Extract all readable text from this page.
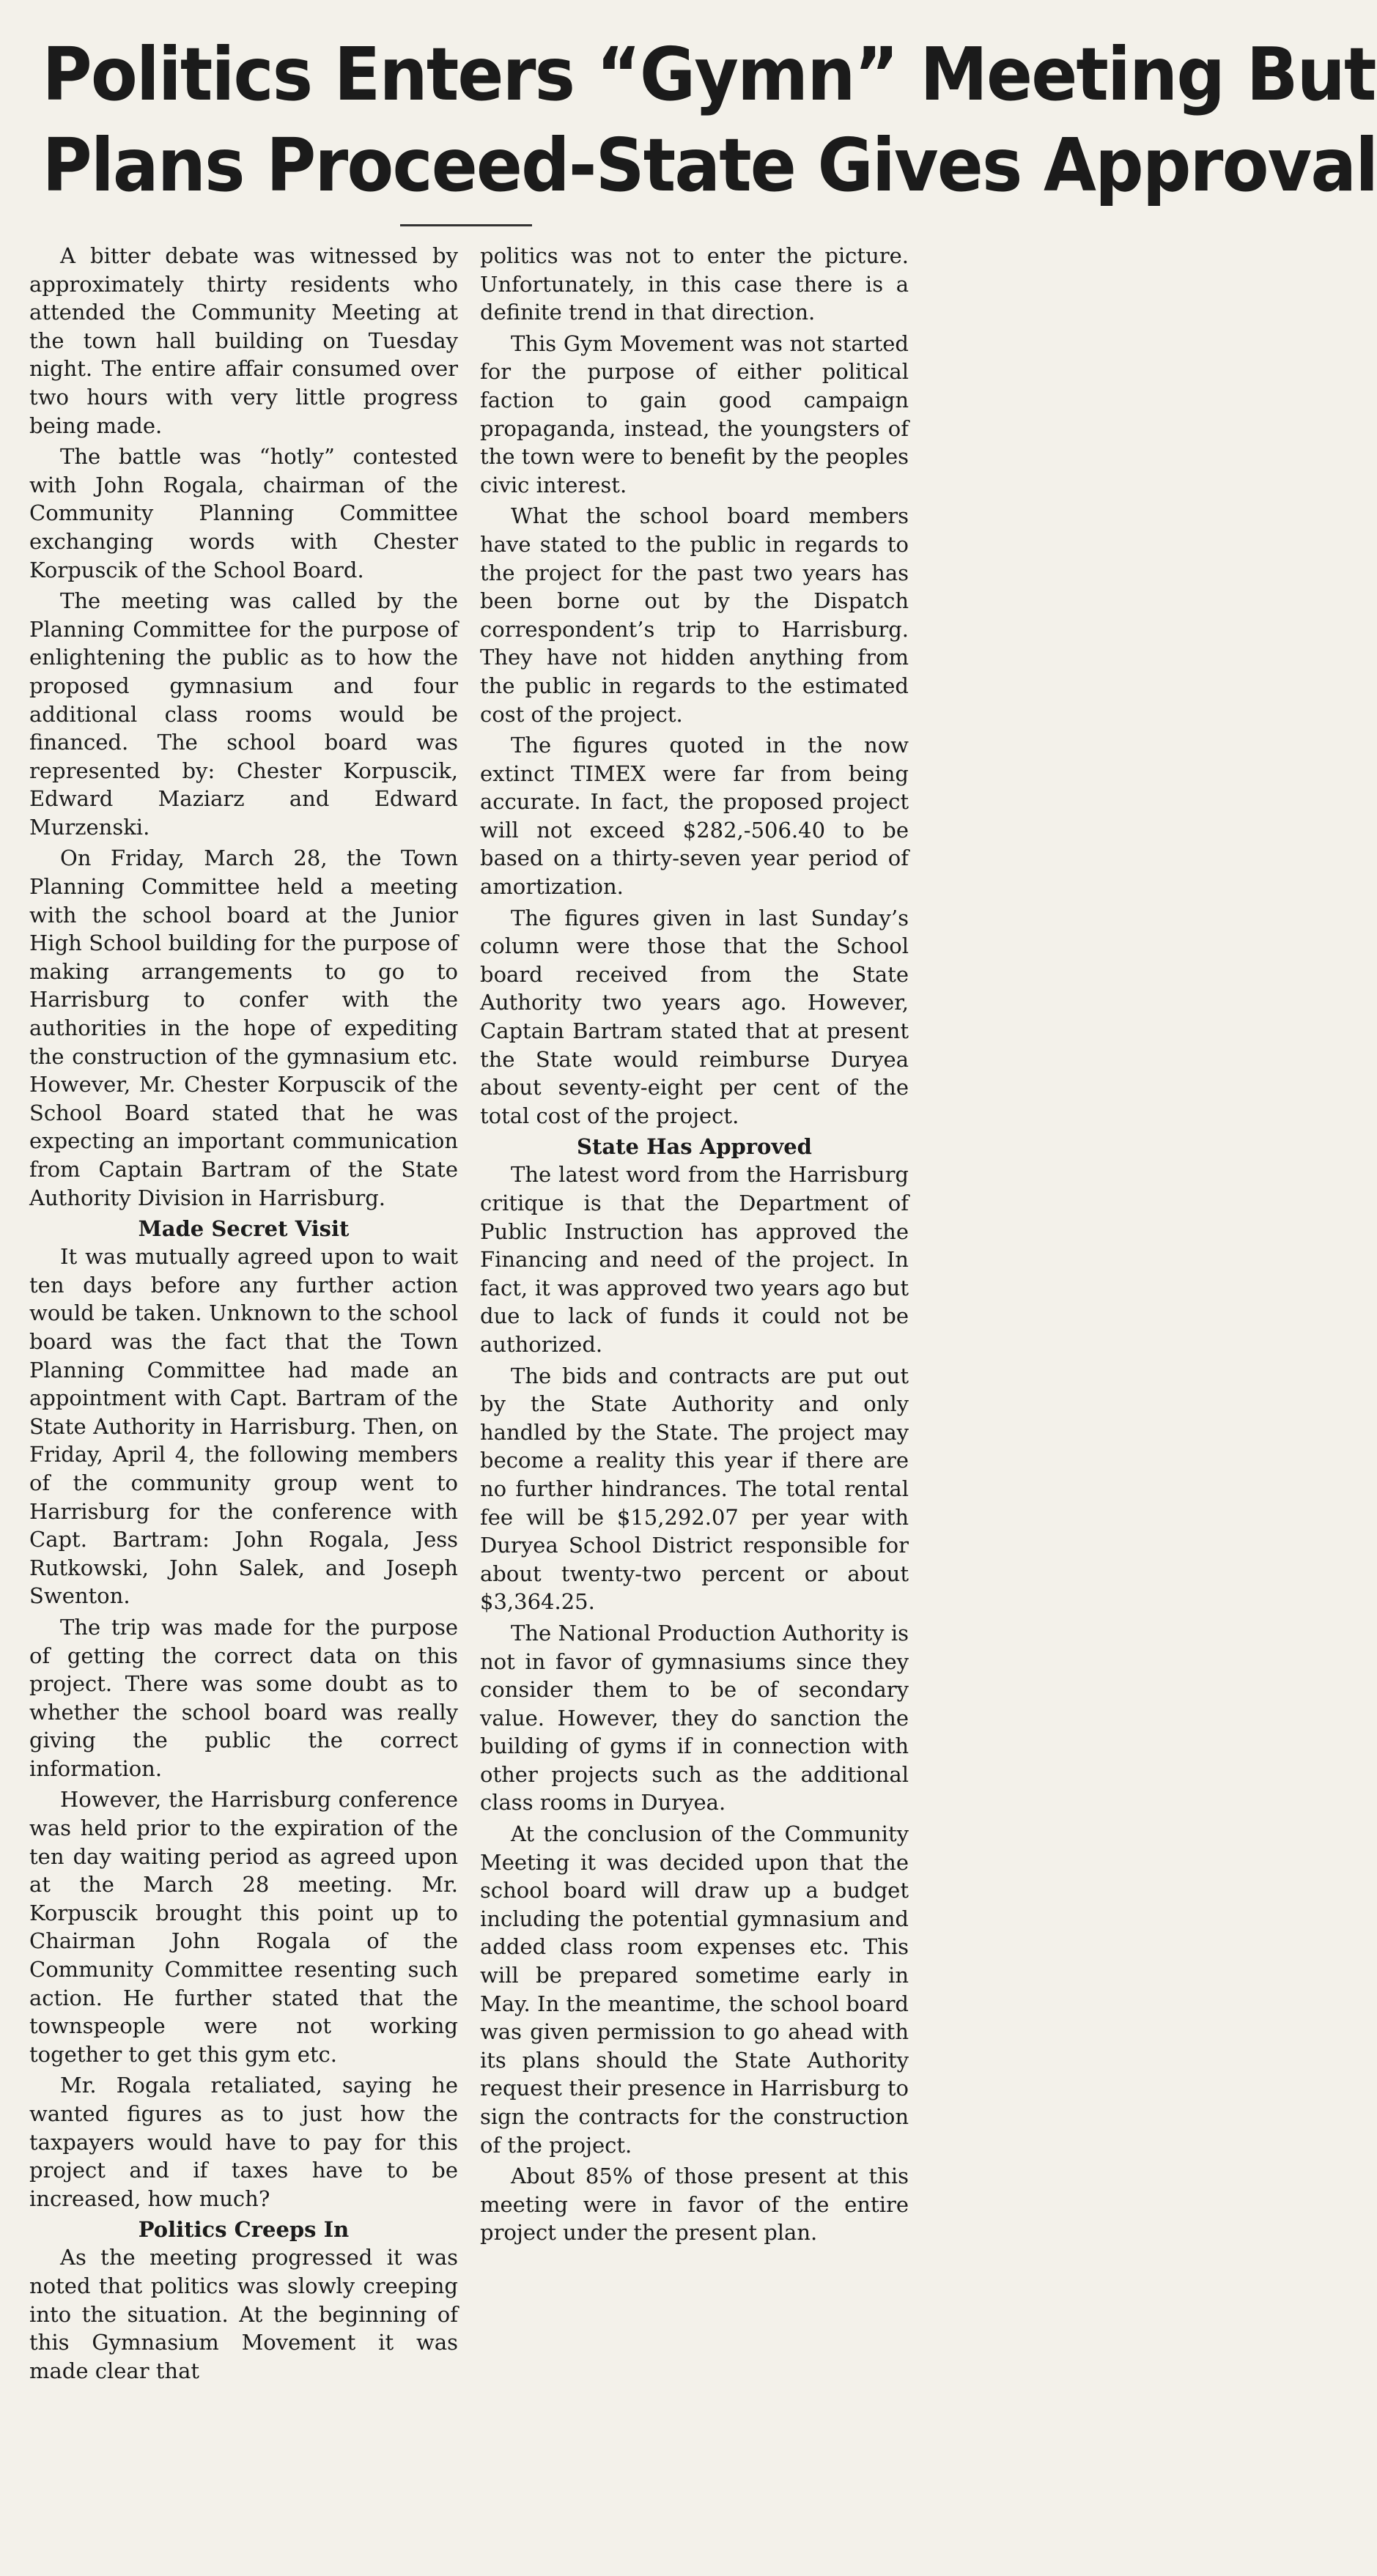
Politics Enters “Gymn” Meeting But
Plans Proceed-State Gives Approval

A bitter debate was witnessed by approximately thirty residents who attended the Community Meeting at the town hall building on Tuesday night. The entire affair consumed over two hours with very little progress being made.

The battle was “hotly” contested with John Rogala, chairman of the Community Planning Committee exchanging words with Chester Korpuscik of the School Board.

The meeting was called by the Planning Committee for the purpose of enlightening the public as to how the proposed gymnasium and four additional class rooms would be financed. The school board was represented by: Chester Korpuscik, Edward Maziarz and Edward Murzenski.

On Friday, March 28, the Town Planning Committee held a meeting with the school board at the Junior High School building for the purpose of making arrangements to go to Harrisburg to confer with the authorities in the hope of expediting the construction of the gymnasium etc. However, Mr. Chester Korpuscik of the School Board stated that he was expecting an important communication from Captain Bartram of the State Authority Division in Harrisburg.

Made Secret Visit

It was mutually agreed upon to wait ten days before any further action would be taken. Unknown to the school board was the fact that the Town Planning Committee had made an appointment with Capt. Bartram of the State Authority in Harrisburg. Then, on Friday, April 4, the following members of the community group went to Harrisburg for the conference with Capt. Bartram: John Rogala, Jess Rutkowski, John Salek, and Joseph Swenton.

The trip was made for the purpose of getting the correct data on this project. There was some doubt as to whether the school board was really giving the public the correct information.

However, the Harrisburg conference was held prior to the expiration of the ten day waiting period as agreed upon at the March 28 meeting. Mr. Korpuscik brought this point up to Chairman John Rogala of the Community Committee resenting such action. He further stated that the townspeople were not working together to get this gym etc.

Mr. Rogala retaliated, saying he wanted figures as to just how the taxpayers would have to pay for this project and if taxes have to be increased, how much?

Politics Creeps In

As the meeting progressed it was noted that politics was slowly creeping into the situation. At the beginning of this Gymnasium Movement it was made clear that

politics was not to enter the picture. Unfortunately, in this case there is a definite trend in that direction.

This Gym Movement was not started for the purpose of either political faction to gain good campaign propaganda, instead, the youngsters of the town were to benefit by the peoples civic interest.

What the school board members have stated to the public in regards to the project for the past two years has been borne out by the Dispatch correspondent’s trip to Harrisburg. They have not hidden anything from the public in regards to the estimated cost of the project.

The figures quoted in the now extinct TIMEX were far from being accurate. In fact, the proposed project will not exceed $282,-506.40 to be based on a thirty-seven year period of amortization.

The figures given in last Sunday’s column were those that the School board received from the State Authority two years ago. However, Captain Bartram stated that at present the State would reimburse Duryea about seventy-eight per cent of the total cost of the project.

State Has Approved

The latest word from the Harrisburg critique is that the Department of Public Instruction has approved the Financing and need of the project. In fact, it was approved two years ago but due to lack of funds it could not be authorized.

The bids and contracts are put out by the State Authority and only handled by the State. The project may become a reality this year if there are no further hindrances. The total rental fee will be $15,292.07 per year with Duryea School District responsible for about twenty-two percent or about $3,364.25.

The National Production Authority is not in favor of gymnasiums since they consider them to be of secondary value. However, they do sanction the building of gyms if in connection with other projects such as the additional class rooms in Duryea.

At the conclusion of the Community Meeting it was decided upon that the school board will draw up a budget including the potential gymnasium and added class room expenses etc. This will be prepared sometime early in May. In the meantime, the school board was given permission to go ahead with its plans should the State Authority request their presence in Harrisburg to sign the contracts for the construction of the project.

About 85% of those present at this meeting were in favor of the entire project under the present plan.
